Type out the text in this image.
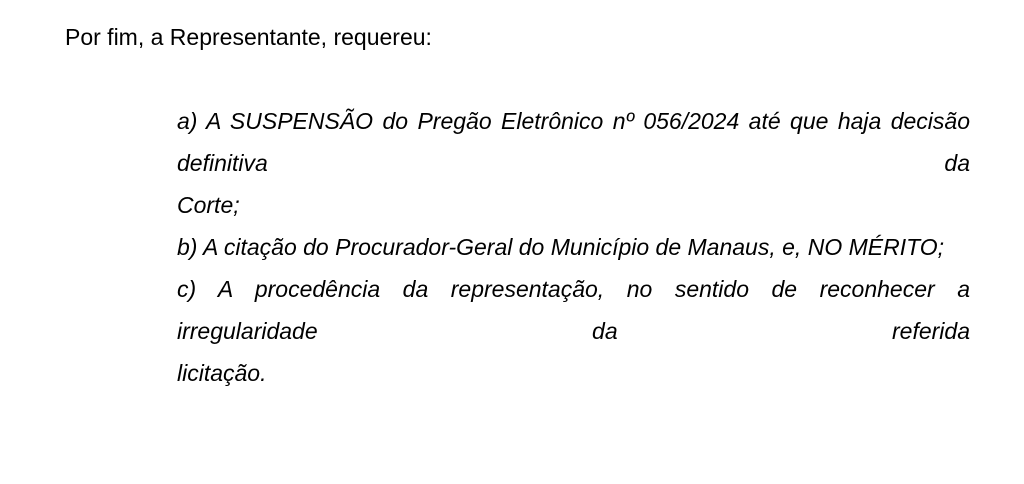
Por fim, a Representante, requereu:

a) A SUSPENSÃO do Pregão Eletrônico nº 056/2024 até que haja decisão definitiva da
Corte;

b) A citação do Procurador-Geral do Município de Manaus, e, NO MÉRITO;

c) A procedência da representação, no sentido de reconhecer a irregularidade da referida
licitação.
